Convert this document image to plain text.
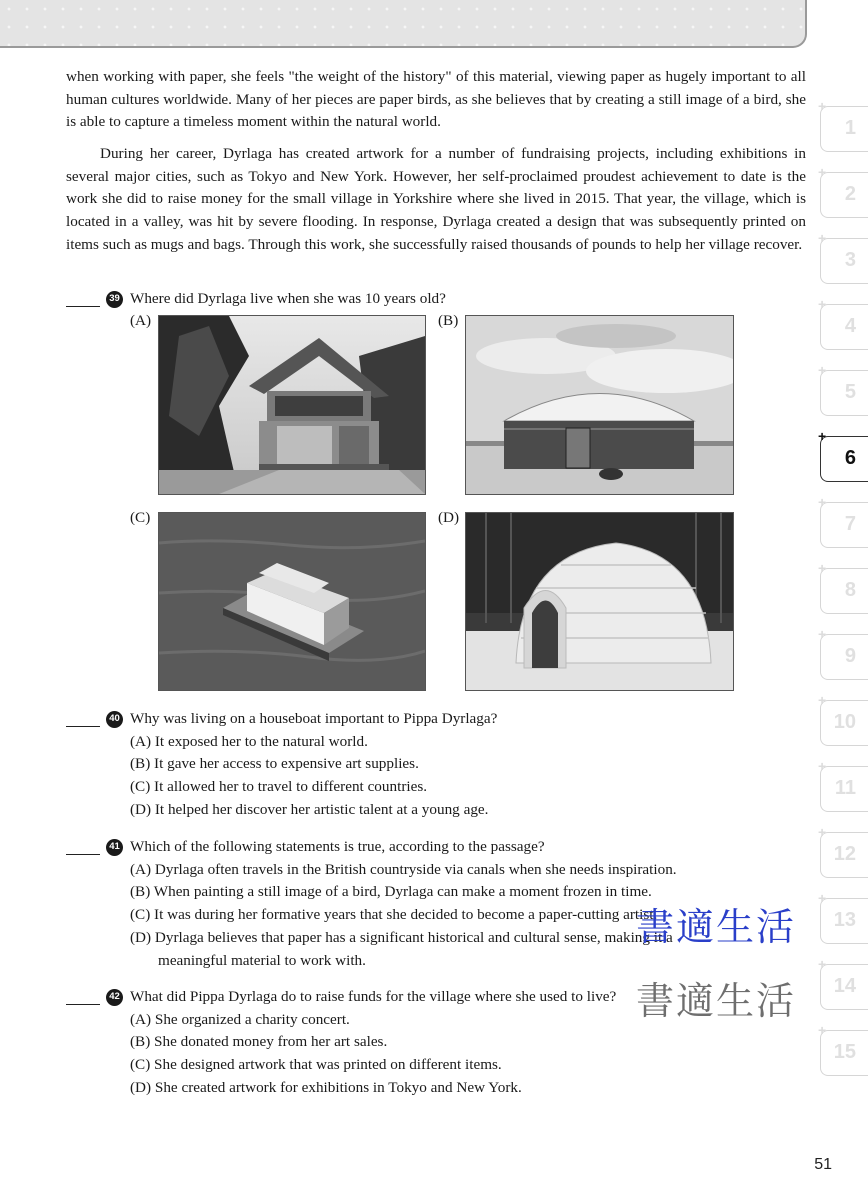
when working with paper, she feels "the weight of the history" of this material, viewing paper as hugely important to all human cultures worldwide. Many of her pieces are paper birds, as she believes that by creating a still image of a bird, she is able to capture a timeless moment within the natural world.

During her career, Dyrlaga has created artwork for a number of fundraising projects, including exhibitions in several major cities, such as Tokyo and New York. However, her self-proclaimed proudest achievement to date is the work she did to raise money for the small village in Yorkshire where she lived in 2015. That year, the village, which is located in a valley, was hit by severe flooding. In response, Dyrlaga created a design that was subsequently printed on items such as mugs and bags. Through this work, she successfully raised thousands of pounds to help her village recover.

39 Where did Dyrlaga live when she was 10 years old?
(A)	(B)
(C)	(D)
40 Why was living on a houseboat important to Pippa Dyrlaga?
(A) It exposed her to the natural world.
(B) It gave her access to expensive art supplies.
(C) It allowed her to travel to different countries.
(D) It helped her discover her artistic talent at a young age.
41 Which of the following statements is true, according to the passage?
(A) Dyrlaga often travels in the British countryside via canals when she needs inspiration.
(B) When painting a still image of a bird, Dyrlaga can make a moment frozen in time.
(C) It was during her formative years that she decided to become a paper-cutting artist.
(D) Dyrlaga believes that paper has a significant historical and cultural sense, making it a
meaningful material to work with.
42 What did Pippa Dyrlaga do to raise funds for the village where she used to live?
(A) She organized a charity concert.
(B) She donated money from her art sales.
(C) She designed artwork that was printed on different items.
(D) She created artwork for exhibitions in Tokyo and New York.
+
1
+
2
+
3
+
4
+
5
+
6
+
7
+
8
+
9
+
10
+
11
+
12
+
13
+
14
+
15
書適生活
書適生活
51
